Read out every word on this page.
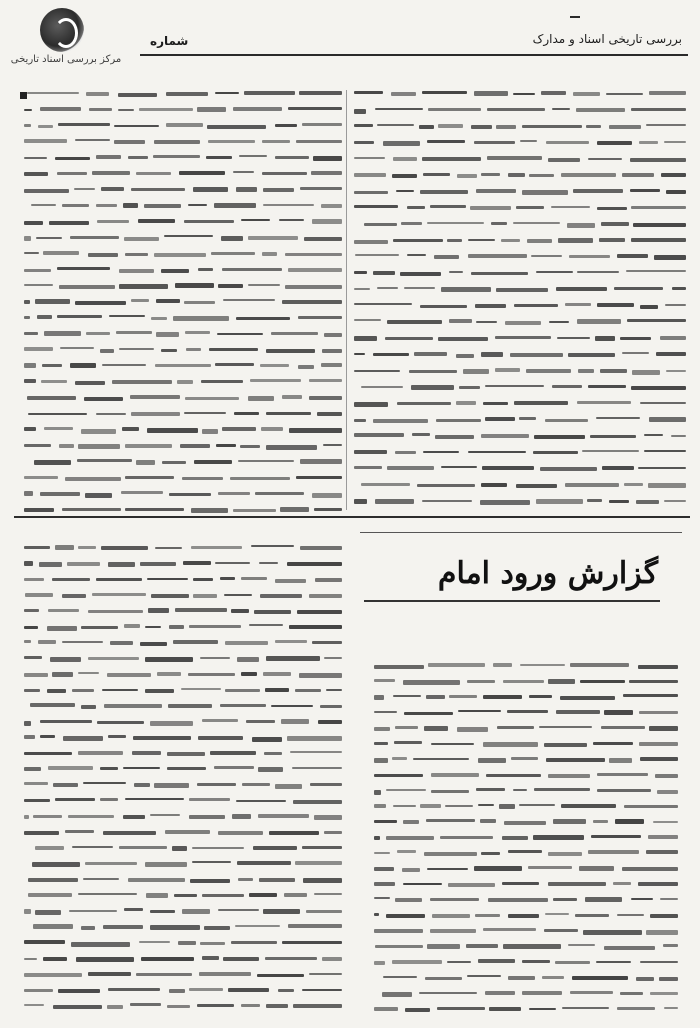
مرکز بررسی اسناد تاریخی
شماره	بررسی تاریخی اسناد و مدارک
گزارش ورود امام
